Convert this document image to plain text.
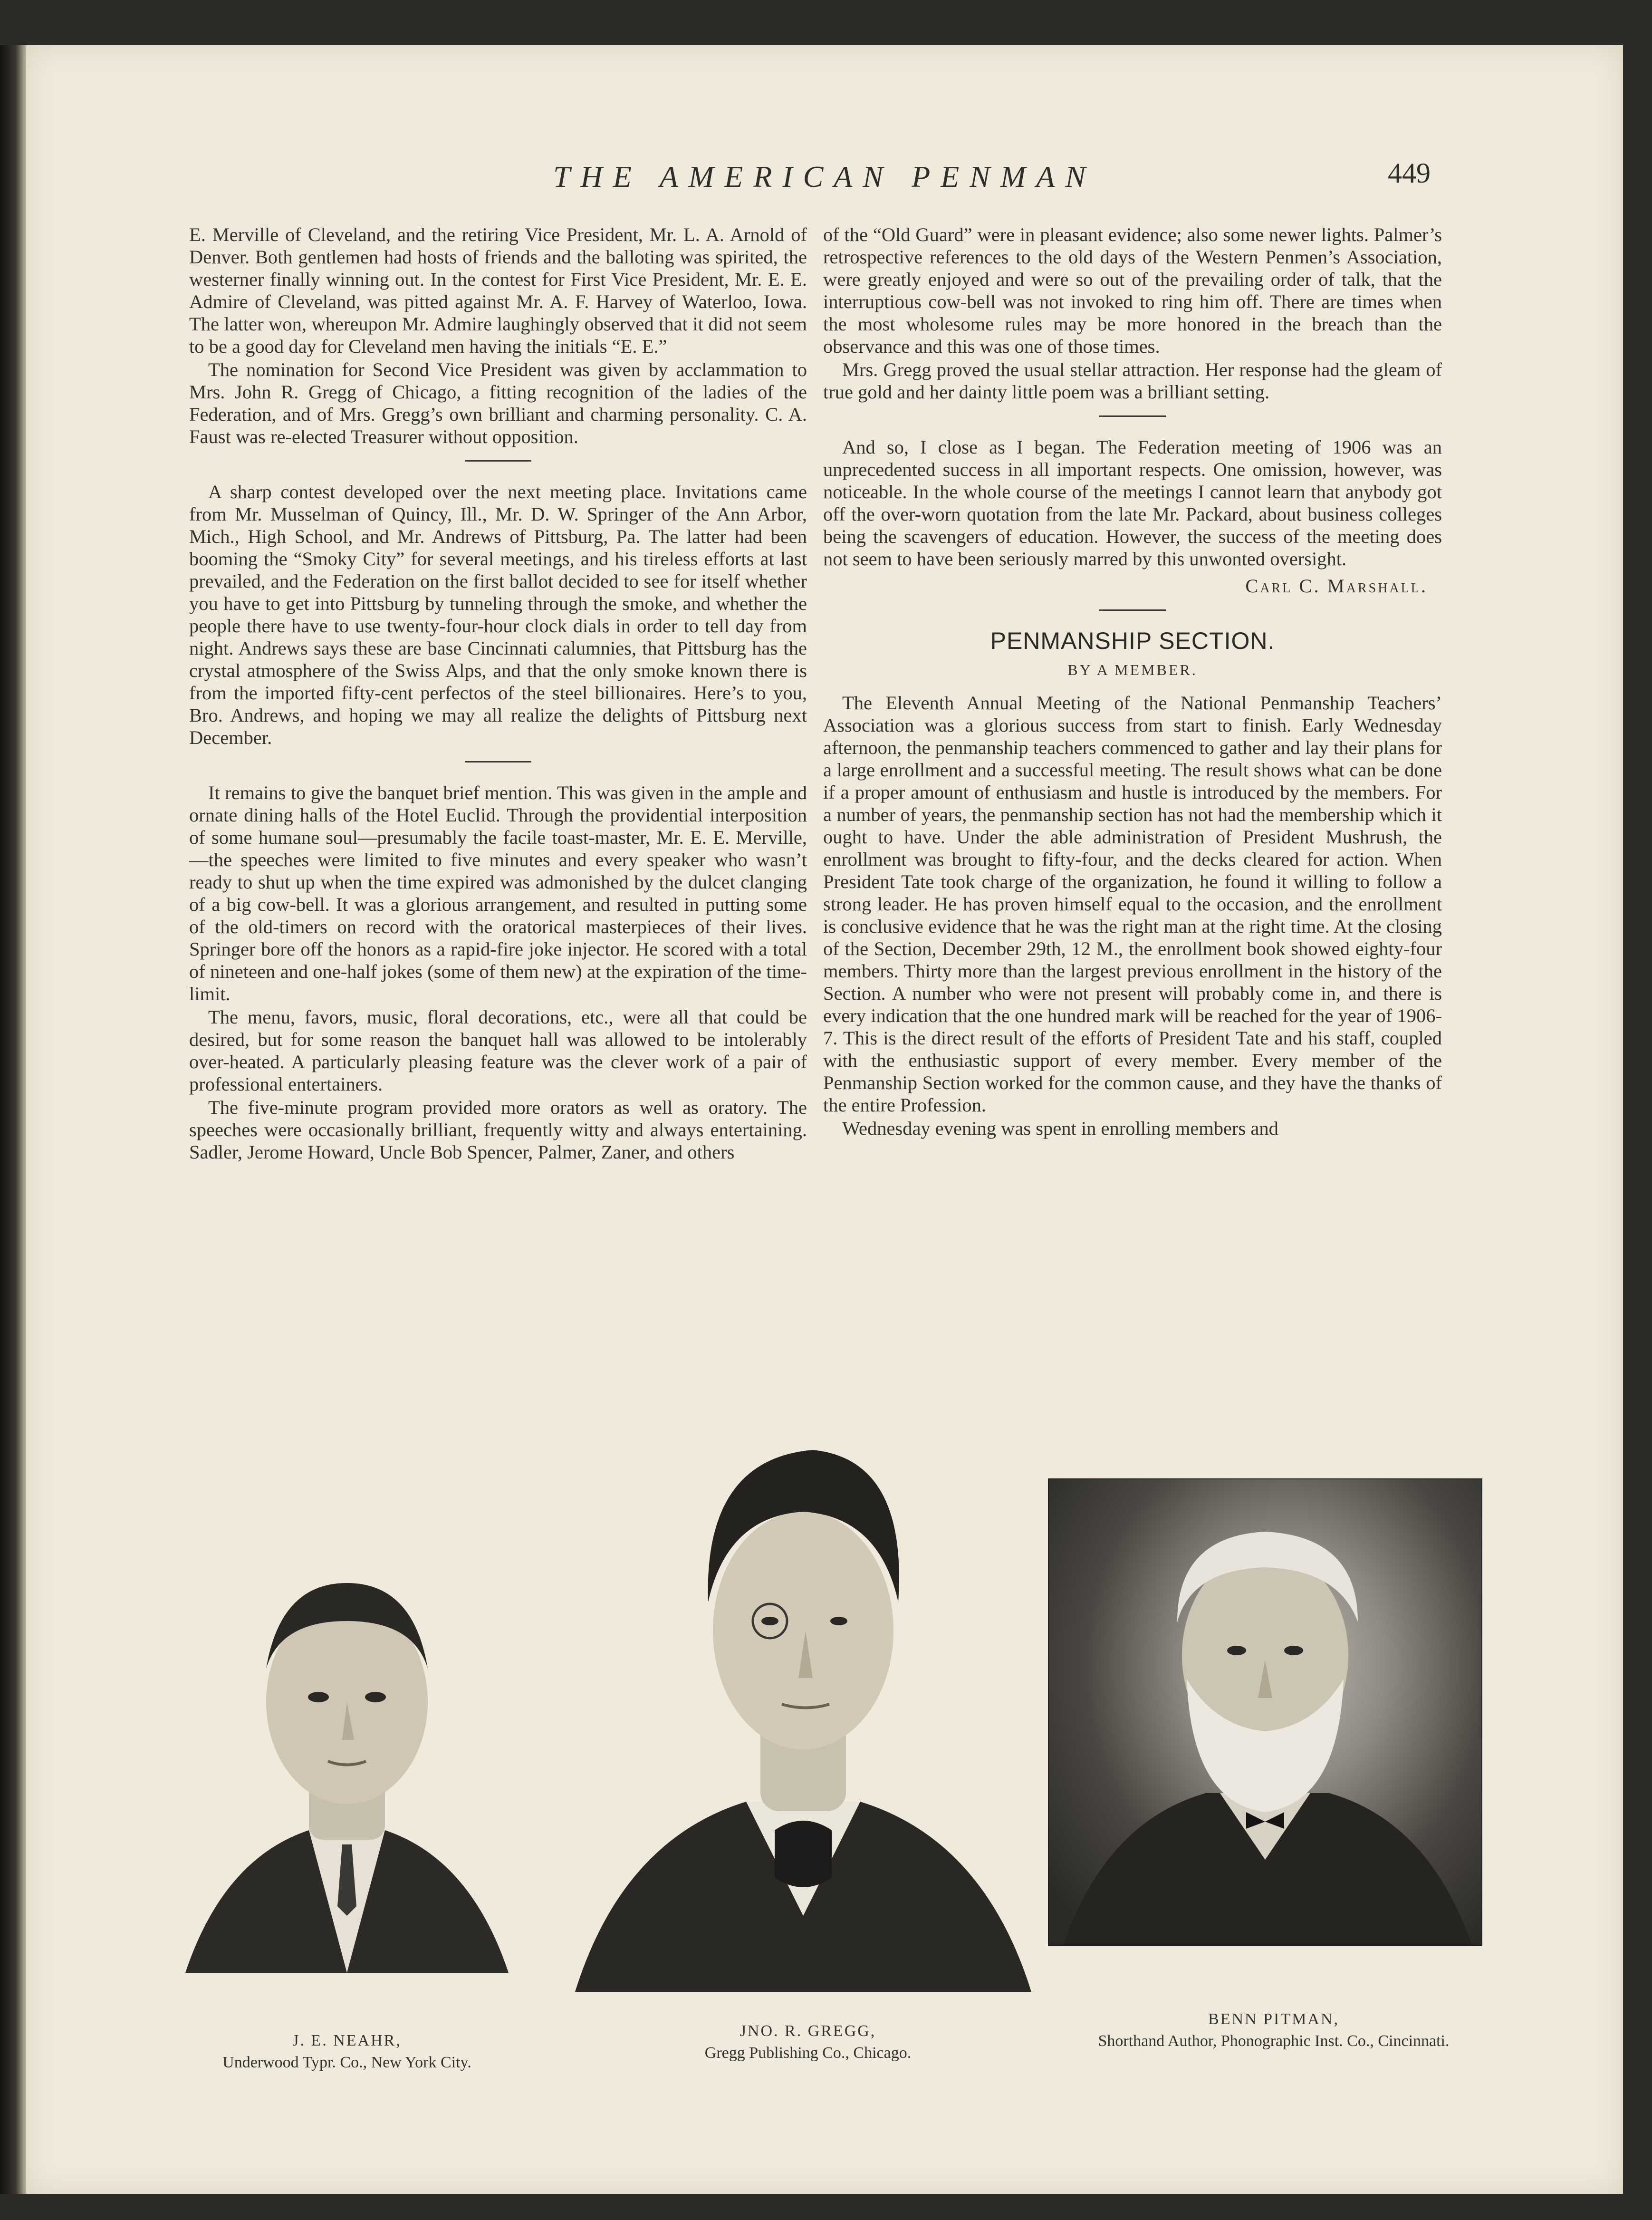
THE AMERICAN PENMAN	449

E. Merville of Cleveland, and the retiring Vice President, Mr. L. A. Arnold of Denver. Both gentlemen had hosts of friends and the balloting was spirited, the westerner finally winning out. In the contest for First Vice President, Mr. E. E. Admire of Cleveland, was pitted against Mr. A. F. Harvey of Waterloo, Iowa. The latter won, whereupon Mr. Admire laughingly observed that it did not seem to be a good day for Cleveland men having the initials “E. E.”

The nomination for Second Vice President was given by acclammation to Mrs. John R. Gregg of Chicago, a fitting recognition of the ladies of the Federation, and of Mrs. Gregg’s own brilliant and charming personality. C. A. Faust was re-elected Treasurer without opposition.

A sharp contest developed over the next meeting place. Invitations came from Mr. Musselman of Quincy, Ill., Mr. D. W. Springer of the Ann Arbor, Mich., High School, and Mr. Andrews of Pittsburg, Pa. The latter had been booming the “Smoky City” for several meetings, and his tireless efforts at last prevailed, and the Federation on the first ballot decided to see for itself whether you have to get into Pittsburg by tunneling through the smoke, and whether the people there have to use twenty-four-hour clock dials in order to tell day from night. Andrews says these are base Cincinnati calumnies, that Pittsburg has the crystal atmosphere of the Swiss Alps, and that the only smoke known there is from the imported fifty-cent perfectos of the steel billionaires. Here’s to you, Bro. Andrews, and hoping we may all realize the delights of Pittsburg next December.

It remains to give the banquet brief mention. This was given in the ample and ornate dining halls of the Hotel Euclid. Through the providential interposition of some humane soul—presumably the facile toast-master, Mr. E. E. Merville,—the speeches were limited to five minutes and every speaker who wasn’t ready to shut up when the time expired was admonished by the dulcet clanging of a big cow-bell. It was a glorious arrangement, and resulted in putting some of the old-timers on record with the oratorical masterpieces of their lives. Springer bore off the honors as a rapid-fire joke injector. He scored with a total of nineteen and one-half jokes (some of them new) at the expiration of the time-limit.

The menu, favors, music, floral decorations, etc., were all that could be desired, but for some reason the banquet hall was allowed to be intolerably over-heated. A particularly pleasing feature was the clever work of a pair of professional entertainers.

The five-minute program provided more orators as well as oratory. The speeches were occasionally brilliant, frequently witty and always entertaining. Sadler, Jerome Howard, Uncle Bob Spencer, Palmer, Zaner, and others

of the “Old Guard” were in pleasant evidence; also some newer lights. Palmer’s retrospective references to the old days of the Western Penmen’s Association, were greatly enjoyed and were so out of the prevailing order of talk, that the interruptious cow-bell was not invoked to ring him off. There are times when the most wholesome rules may be more honored in the breach than the observance and this was one of those times.

Mrs. Gregg proved the usual stellar attraction. Her response had the gleam of true gold and her dainty little poem was a brilliant setting.

And so, I close as I began. The Federation meeting of 1906 was an unprecedented success in all important respects. One omission, however, was noticeable. In the whole course of the meetings I cannot learn that anybody got off the over-worn quotation from the late Mr. Packard, about business colleges being the scavengers of education. However, the success of the meeting does not seem to have been seriously marred by this unwonted oversight.

Carl C. Marshall.
PENMANSHIP SECTION.
BY A MEMBER.

The Eleventh Annual Meeting of the National Penmanship Teachers’ Association was a glorious success from start to finish. Early Wednesday afternoon, the penmanship teachers commenced to gather and lay their plans for a large enrollment and a successful meeting. The result shows what can be done if a proper amount of enthusiasm and hustle is introduced by the members. For a number of years, the penmanship section has not had the membership which it ought to have. Under the able administration of President Mushrush, the enrollment was brought to fifty-four, and the decks cleared for action. When President Tate took charge of the organization, he found it willing to follow a strong leader. He has proven himself equal to the occasion, and the enrollment is conclusive evidence that he was the right man at the right time. At the closing of the Section, December 29th, 12 M., the enrollment book showed eighty-four members. Thirty more than the largest previous enrollment in the history of the Section. A number who were not present will probably come in, and there is every indication that the one hundred mark will be reached for the year of 1906-7. This is the direct result of the efforts of President Tate and his staff, coupled with the enthusiastic support of every member. Every member of the Penmanship Section worked for the common cause, and they have the thanks of the entire Profession.

Wednesday evening was spent in enrolling members and

J. E. NEAHR,
Underwood Typr. Co., New York City.
JNO. R. GREGG,
Gregg Publishing Co., Chicago.
BENN PITMAN,
Shorthand Author, Phonographic Inst. Co., Cincinnati.
